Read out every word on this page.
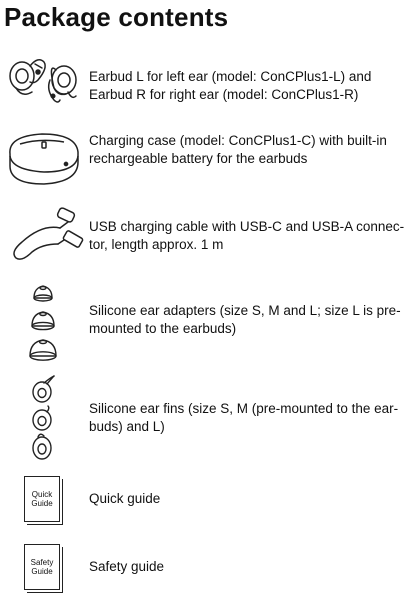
Package contents
Earbud L for left ear (model: ConCPlus1-L) and Earbud R for right ear (model: ConCPlus1-R)
Charging case (model: ConCPlus1-C) with built-in rechargeable battery for the earbuds
USB charging cable with USB-C and USB-A connector, length approx. 1 m
Silicone ear adapters (size S, M and L; size L is premounted to the earbuds)
Silicone ear fins (size S, M (pre-mounted to the earbuds) and L)
Quick
Guide	Quick guide
Safety
Guide	Safety guide
